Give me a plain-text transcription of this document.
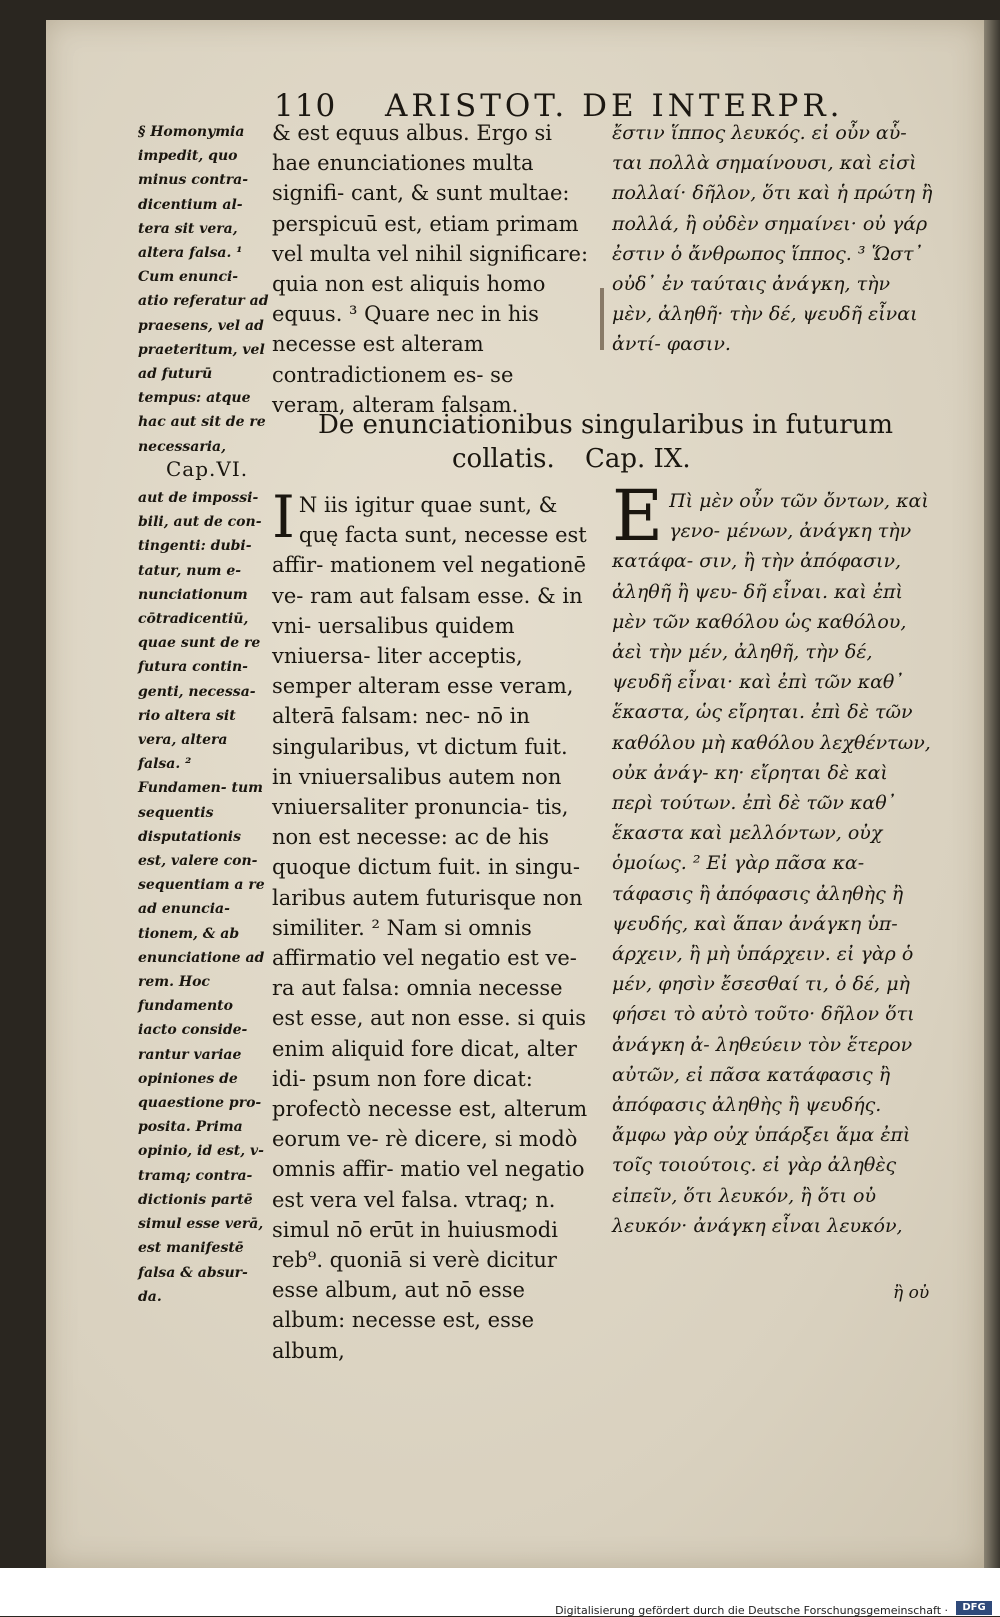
110 ARISTOT. DE INTERPR.
§ Homonymia impedit, quo minus contra- dicentium al- tera sit vera, altera falsa. ¹ Cum enunci- atio referatur ad praesens, vel ad praeteritum, vel ad futurū tempus: atque hac aut sit de re necessaria,
Cap.VI.
aut de impossi- bili, aut de con- tingenti: dubi- tatur, num e- nunciationum cōtradicentiū, quae sunt de re futura contin- genti, necessa- rio altera sit vera, altera falsa. ² Fundamen- tum sequentis disputationis est, valere con- sequentiam a re ad enuncia- tionem, & ab enunciatione ad rem. Hoc fundamento iacto conside- rantur variae opiniones de quaestione pro- posita. Prima opinio, id est, v- tramq; contra- dictionis partē simul esse verā, est manifestē falsa & absur- da.
& est equus albus. Ergo si hae enunciationes multa signifi- cant, & sunt multae: perspicuū est, etiam primam vel multa vel nihil significare: quia non est aliquis homo equus. ³ Quare nec in his necesse est alteram contradictionem es- se veram, alteram falsam.
ἔστιν ἵππος λευκός. εἰ οὖν αὗ- ται πολλὰ σημαίνουσι, καὶ εἰσὶ πολλαί· δῆλον, ὅτι καὶ ἡ πρώτη ἢ πολλά, ἢ οὐδὲν σημαίνει· οὐ γάρ ἐστιν ὁ ἄνθρωπος ἵππος. ³ Ὥστ᾽ οὐδ᾽ ἐν ταύταις ἀνάγκη, τὴν μὲν, ἀληθῆ· τὴν δέ, ψευδῆ εἶναι ἀντί- φασιν.
De enunciationibus singularibus in futurum
collatis. Cap. IX.
I N iis igitur quae sunt, & quę facta sunt, necesse est affir- mationem vel negationē ve- ram aut falsam esse. & in vni- uersalibus quidem vniuersa- liter acceptis, semper alteram esse veram, alterā falsam: nec- nō in singularibus, vt dictum fuit. in vniuersalibus autem non vniuersaliter pronuncia- tis, non est necesse: ac de his quoque dictum fuit. in singu- laribus autem futurisque non similiter. ² Nam si omnis affirmatio vel negatio est ve- ra aut falsa: omnia necesse est esse, aut non esse. si quis enim aliquid fore dicat, alter idi- psum non fore dicat: profectò necesse est, alterum eorum ve- rè dicere, si modò omnis affir- matio vel negatio est vera vel falsa. vtraq; n. simul nō erūt in huiusmodi reb⁹. quoniā si verè dicitur esse album, aut nō esse album: necesse est, esse album,
Ε Πὶ μὲν οὖν τῶν ὄντων, καὶ γενο- μένων, ἀνάγκη τὴν κατάφα- σιν, ἢ τὴν ἀπόφασιν, ἀληθῆ ἢ ψευ- δῆ εἶναι. καὶ ἐπὶ μὲν τῶν καθόλου ὡς καθόλου, ἀεὶ τὴν μέν, ἀληθῆ, τὴν δέ, ψευδῆ εἶναι· καὶ ἐπὶ τῶν καθ᾽ ἕκαστα, ὡς εἴρηται. ἐπὶ δὲ τῶν καθόλου μὴ καθόλου λεχθέντων, οὐκ ἀνάγ- κη· εἴρηται δὲ καὶ περὶ τούτων. ἐπὶ δὲ τῶν καθ᾽ ἕκαστα καὶ μελλόντων, οὐχ ὁμοίως. ² Εἰ γὰρ πᾶσα κα- τάφασις ἢ ἀπόφασις ἀληθὴς ἢ ψευδής, καὶ ἅπαν ἀνάγκη ὑπ- άρχειν, ἢ μὴ ὑπάρχειν. εἰ γὰρ ὁ μέν, φησὶν ἔσεσθαί τι, ὁ δέ, μὴ φήσει τὸ αὐτὸ τοῦτο· δῆλον ὅτι ἀνάγκη ἀ- ληθεύειν τὸν ἕτερον αὐτῶν, εἰ πᾶσα κατάφασις ἢ ἀπόφασις ἀληθὴς ἢ ψευδής. ἄμφω γὰρ οὐχ ὑπάρξει ἅμα ἐπὶ τοῖς τοιούτοις. εἰ γὰρ ἀληθὲς εἰπεῖν, ὅτι λευκόν, ἢ ὅτι οὐ λευκόν· ἀνάγκη εἶναι λευκόν,
ἢ οὐ
Digitalisierung gefördert durch die Deutsche Forschungsgemeinschaft ·	DFG
